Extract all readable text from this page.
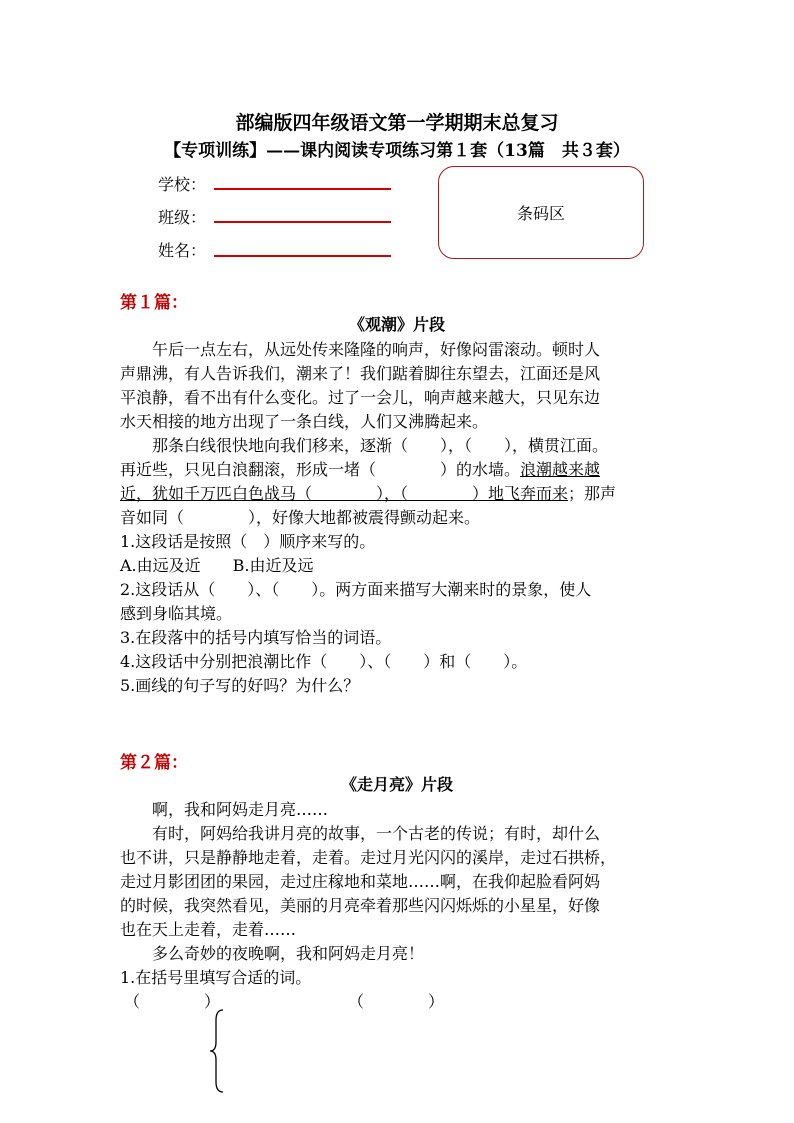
部编版四年级语文第一学期期末总复习
【专项训练】——课内阅读专项练习第１套（13篇　共３套）
学校：
班级：
姓名：
条码区
第１篇：
《观潮》片段
　　午后一点左右，从远处传来隆隆的响声，好像闷雷滚动。顿时人
声鼎沸，有人告诉我们，潮来了！我们踮着脚往东望去，江面还是风
平浪静，看不出有什么变化。过了一会儿，响声越来越大，只见东边
水天相接的地方出现了一条白线，人们又沸腾起来。
　　那条白线很快地向我们移来，逐渐（　　），（　　），横贯江面。
再近些，只见白浪翻滚，形成一堵（　　　　）的水墙。浪潮越来越
近，犹如千万匹白色战马（　　　　），（　　　　）地飞奔而来；那声
音如同（　　　　），好像大地都被震得颤动起来。
1.这段话是按照（　）顺序来写的。
A.由远及近　　B.由近及远
2.这段话从（　　）、（　　）。两方面来描写大潮来时的景象，使人
感到身临其境。
3.在段落中的括号内填写恰当的词语。
4.这段话中分别把浪潮比作（　　）、（　　）和（　　）。
5.画线的句子写的好吗？为什么？
第２篇：
《走月亮》片段
　　啊，我和阿妈走月亮……
　　有时，阿妈给我讲月亮的故事，一个古老的传说；有时，却什么
也不讲，只是静静地走着，走着。走过月光闪闪的溪岸，走过石拱桥，
走过月影团团的果园，走过庄稼地和菜地……啊，在我仰起脸看阿妈
的时候，我突然看见，美丽的月亮牵着那些闪闪烁烁的小星星，好像
也在天上走着，走着……
　　多么奇妙的夜晚啊，我和阿妈走月亮！
1.在括号里填写合适的词。
（　　　　）	（　　　　）
